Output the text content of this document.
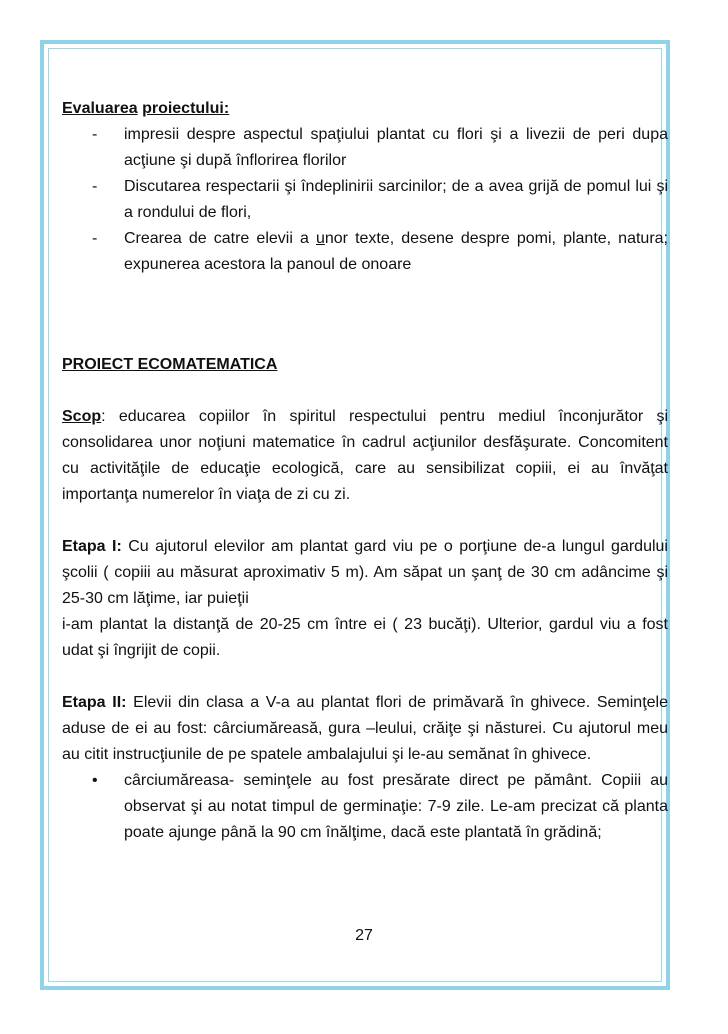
Evaluarea proiectului:

- impresii despre aspectul spaţiului plantat cu flori şi a livezii de peri dupa acţiune şi după înflorirea florilor
- Discutarea respectarii şi îndeplinirii sarcinilor; de a avea grijă de pomul lui şi a rondului de flori,
- Crearea de catre elevii a unor texte, desene despre pomi, plante, natura; expunerea acestora la panoul de onoare

PROIECT ECOMATEMATICA

Scop: educarea copiilor în spiritul respectului pentru mediul înconjurător şi consolidarea unor noţiuni matematice în cadrul acţiunilor desfăşurate. Concomitent cu activităţile de educaţie ecologică, care au sensibilizat copiii, ei au învăţat importanţa numerelor în viaţa de zi cu zi.

Etapa I: Cu ajutorul elevilor am plantat gard viu pe o porţiune de-a lungul gardului şcolii ( copiii au măsurat aproximativ 5 m). Am săpat un şanţ de 30 cm adâncime şi 25-30 cm lăţime, iar puieţii

i-am plantat la distanţă de 20-25 cm între ei ( 23 bucăţi). Ulterior, gardul viu a fost udat şi îngrijit de copii.

Etapa II: Elevii din clasa a V-a au plantat flori de primăvară în ghivece. Seminţele aduse de ei au fost: cârciumăreasă, gura –leului, crăiţe şi năsturei. Cu ajutorul meu au citit instrucţiunile de pe spatele ambalajului şi le-au semănat în ghivece.

• cârciumăreasa- seminţele au fost presărate direct pe pământ. Copiii au observat şi au notat timpul de germinaţie: 7-9 zile. Le-am precizat că planta poate ajunge până la 90 cm înălţime, dacă este plantată în grădină;
27
